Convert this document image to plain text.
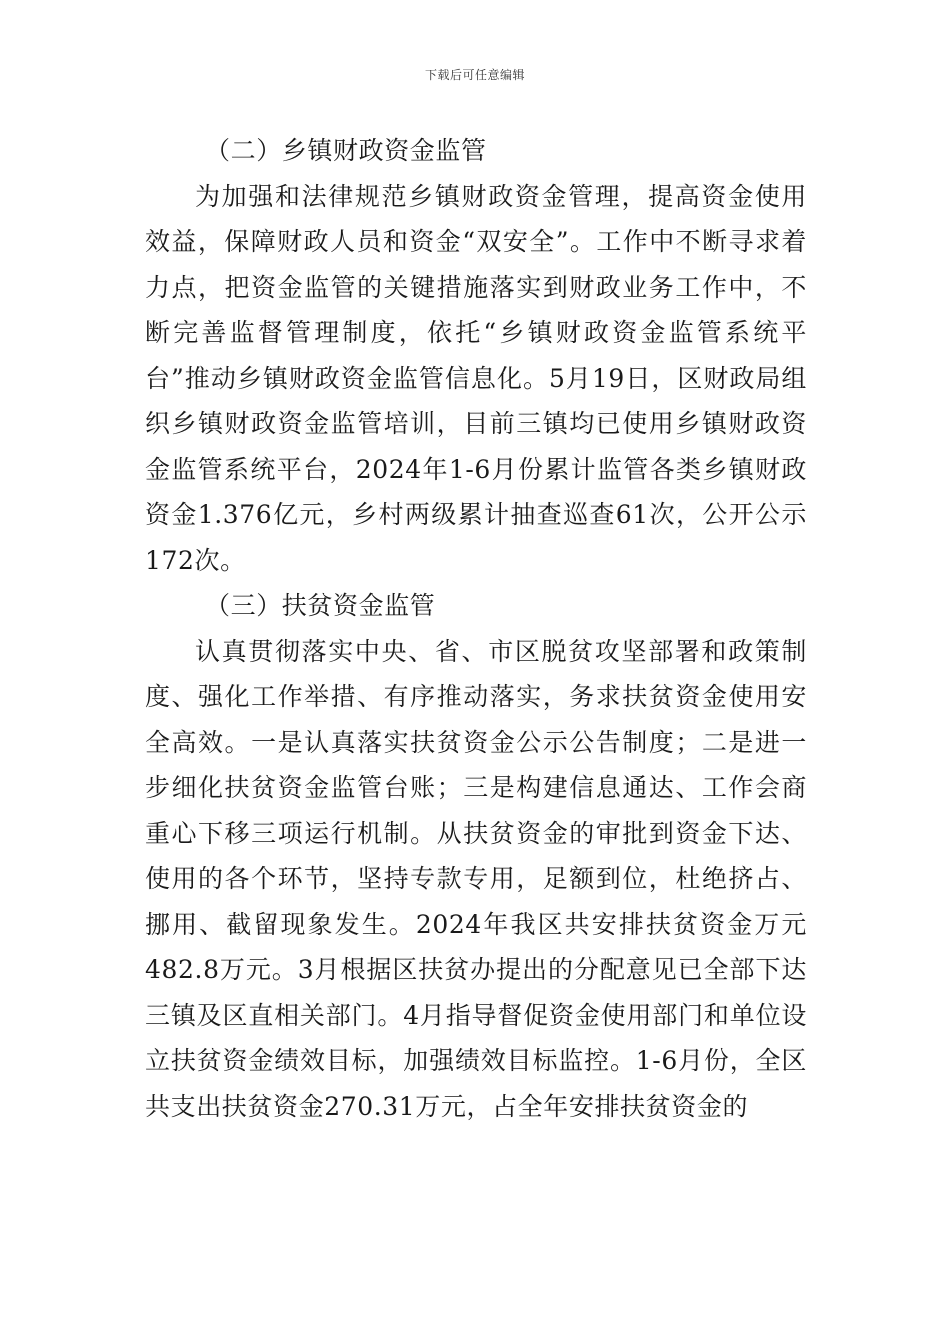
下载后可任意编辑
（二）乡镇财政资金监管

为加强和法律规范乡镇财政资金管理，提高资金使用效益，保障财政人员和资金“双安全”。工作中不断寻求着力点，把资金监管的关键措施落实到财政业务工作中，不断完善监督管理制度，依托“乡镇财政资金监管系统平台”推动乡镇财政资金监管信息化。5月19日，区财政局组织乡镇财政资金监管培训，目前三镇均已使用乡镇财政资金监管系统平台，2024年1-6月份累计监管各类乡镇财政资金1.376亿元，乡村两级累计抽查巡查61次，公开公示172次。

（三）扶贫资金监管

认真贯彻落实中央、省、市区脱贫攻坚部署和政策制度、强化工作举措、有序推动落实，务求扶贫资金使用安全高效。一是认真落实扶贫资金公示公告制度；二是进一步细化扶贫资金监管台账；三是构建信息通达、工作会商重心下移三项运行机制。从扶贫资金的审批到资金下达、使用的各个环节，坚持专款专用，足额到位，杜绝挤占、挪用、截留现象发生。2024年我区共安排扶贫资金万元482.8万元。3月根据区扶贫办提出的分配意见已全部下达三镇及区直相关部门。4月指导督促资金使用部门和单位设立扶贫资金绩效目标，加强绩效目标监控。1-6月份，全区共支出扶贫资金270.31万元，占全年安排扶贫资金的
